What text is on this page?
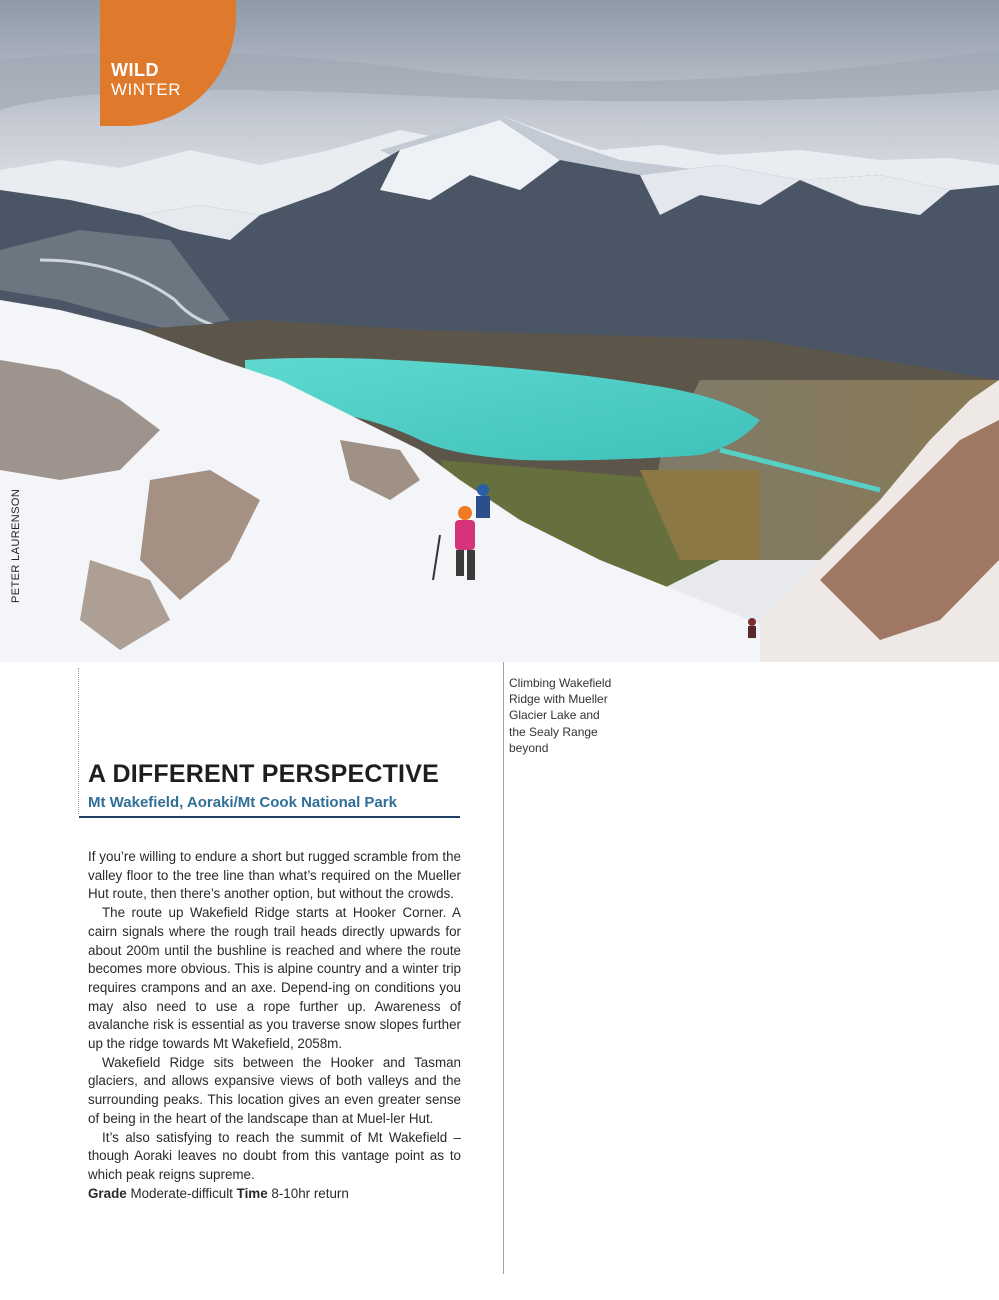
WILD
WINTER
PETER LAURENSON
Climbing Wakefield Ridge with Mueller Glacier Lake and the Sealy Range beyond
A DIFFERENT PERSPECTIVE
Mt Wakefield, Aoraki/Mt Cook National Park

If you’re willing to endure a short but rugged scramble from the valley floor to the tree line than what’s required on the Mueller Hut route, then there’s another option, but without the crowds.

The route up Wakefield Ridge starts at Hooker Corner. A cairn signals where the rough trail heads directly upwards for about 200m until the bushline is reached and where the route becomes more obvious. This is alpine country and a winter trip requires crampons and an axe. Depend-ing on conditions you may also need to use a rope further up. Awareness of avalanche risk is essential as you traverse snow slopes further up the ridge towards Mt Wakefield, 2058m.

Wakefield Ridge sits between the Hooker and Tasman glaciers, and allows expansive views of both valleys and the surrounding peaks. This location gives an even greater sense of being in the heart of the landscape than at Muel-ler Hut.

It’s also satisfying to reach the summit of Mt Wakefield – though Aoraki leaves no doubt from this vantage point as to which peak reigns supreme.

Grade Moderate-difficult Time 8-10hr return
